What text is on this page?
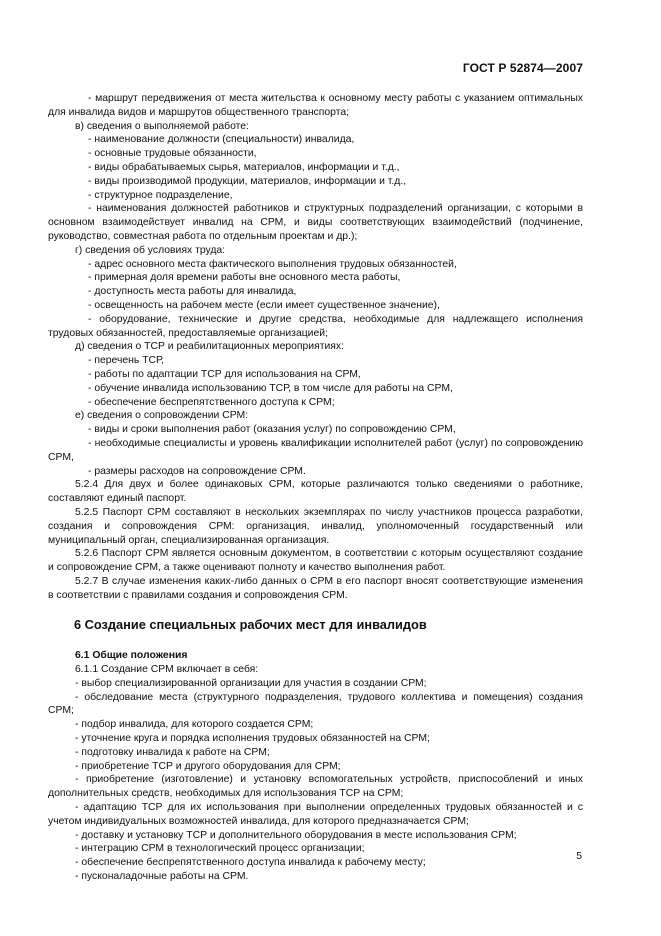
ГОСТ Р 52874—2007

- маршрут передвижения от места жительства к основному месту работы с указанием оптимальных для инвалида видов и маршрутов общественного транспорта;

в) сведения о выполняемой работе:

- наименование должности (специальности) инвалида,

- основные трудовые обязанности,

- виды обрабатываемых сырья, материалов, информации и т.д.,

- виды производимой продукции, материалов, информации и т.д.,

- структурное подразделение,

- наименования должностей работников и структурных подразделений организации, с которыми в основном взаимодействует инвалид на СРМ, и виды соответствующих взаимодействий (подчинение, руководство, совместная работа по отдельным проектам и др.);

г) сведения об условиях труда:

- адрес основного места фактического выполнения трудовых обязанностей,

- примерная доля времени работы вне основного места работы,

- доступность места работы для инвалида,

- освещенность на рабочем месте (если имеет существенное значение),

- оборудование, технические и другие средства, необходимые для надлежащего исполнения трудовых обязанностей, предоставляемые организацией;

д) сведения о ТСР и реабилитационных мероприятиях:

- перечень ТСР,

- работы по адаптации ТСР для использования на СРМ,

- обучение инвалида использованию ТСР, в том числе для работы на СРМ,

- обеспечение беспрепятственного доступа к СРМ;

е) сведения о сопровождении СРМ:

- виды и сроки выполнения работ (оказания услуг) по сопровождению СРМ,

- необходимые специалисты и уровень квалификации исполнителей работ (услуг) по сопровождению СРМ,

- размеры расходов на сопровождение СРМ.

5.2.4 Для двух и более одинаковых СРМ, которые различаются только сведениями о работнике, составляют единый паспорт.

5.2.5 Паспорт СРМ составляют в нескольких экземплярах по числу участников процесса разработки, создания и сопровождения СРМ: организация, инвалид, уполномоченный государственный или муниципальный орган, специализированная организация.

5.2.6 Паспорт СРМ является основным документом, в соответствии с которым осуществляют создание и сопровождение СРМ, а также оценивают полноту и качество выполнения работ.

5.2.7 В случае изменения каких-либо данных о СРМ в его паспорт вносят соответствующие изменения в соответствии с правилами создания и сопровождения СРМ.

6 Создание специальных рабочих мест для инвалидов

6.1 Общие положения

6.1.1 Создание СРМ включает в себя:

- выбор специализированной организации для участия в создании СРМ;

- обследование места (структурного подразделения, трудового коллектива и помещения) создания СРМ;

- подбор инвалида, для которого создается СРМ;

- уточнение круга и порядка исполнения трудовых обязанностей на СРМ;

- подготовку инвалида к работе на СРМ;

- приобретение ТСР и другого оборудования для СРМ;

- приобретение (изготовление) и установку вспомогательных устройств, приспособлений и иных дополнительных средств, необходимых для использования ТСР на СРМ;

- адаптацию ТСР для их использования при выполнении определенных трудовых обязанностей и с учетом индивидуальных возможностей инвалида, для которого предназначается СРМ;

- доставку и установку ТСР и дополнительного оборудования в месте использования СРМ;

- интеграцию СРМ в технологический процесс организации;

- обеспечение беспрепятственного доступа инвалида к рабочему месту;

- пусконаладочные работы на СРМ.

5
